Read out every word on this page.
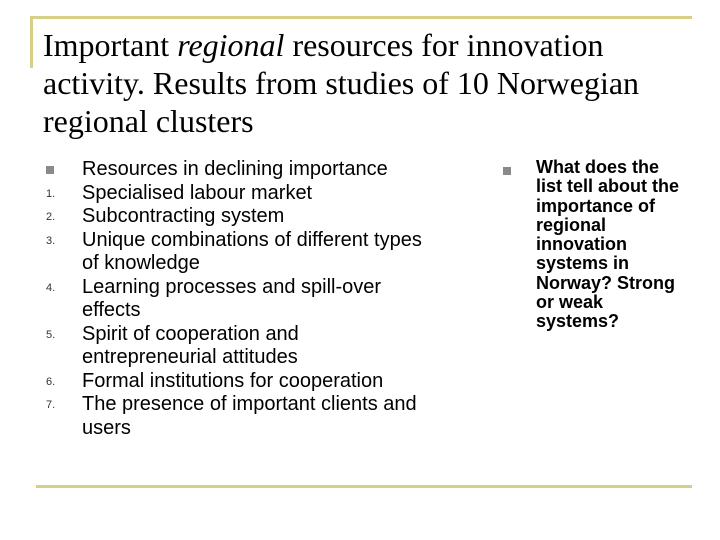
Important regional resources for innovation activity. Results from studies of 10 Norwegian regional clusters
Resources in declining importance
1. Specialised labour market
2. Subcontracting system
3. Unique combinations of different types of knowledge
4. Learning processes and spill-over effects
5. Spirit of cooperation and entrepreneurial attitudes
6. Formal institutions for cooperation
7. The presence of important clients and users
What does the list tell about the importance of regional innovation systems in Norway? Strong or weak systems?
